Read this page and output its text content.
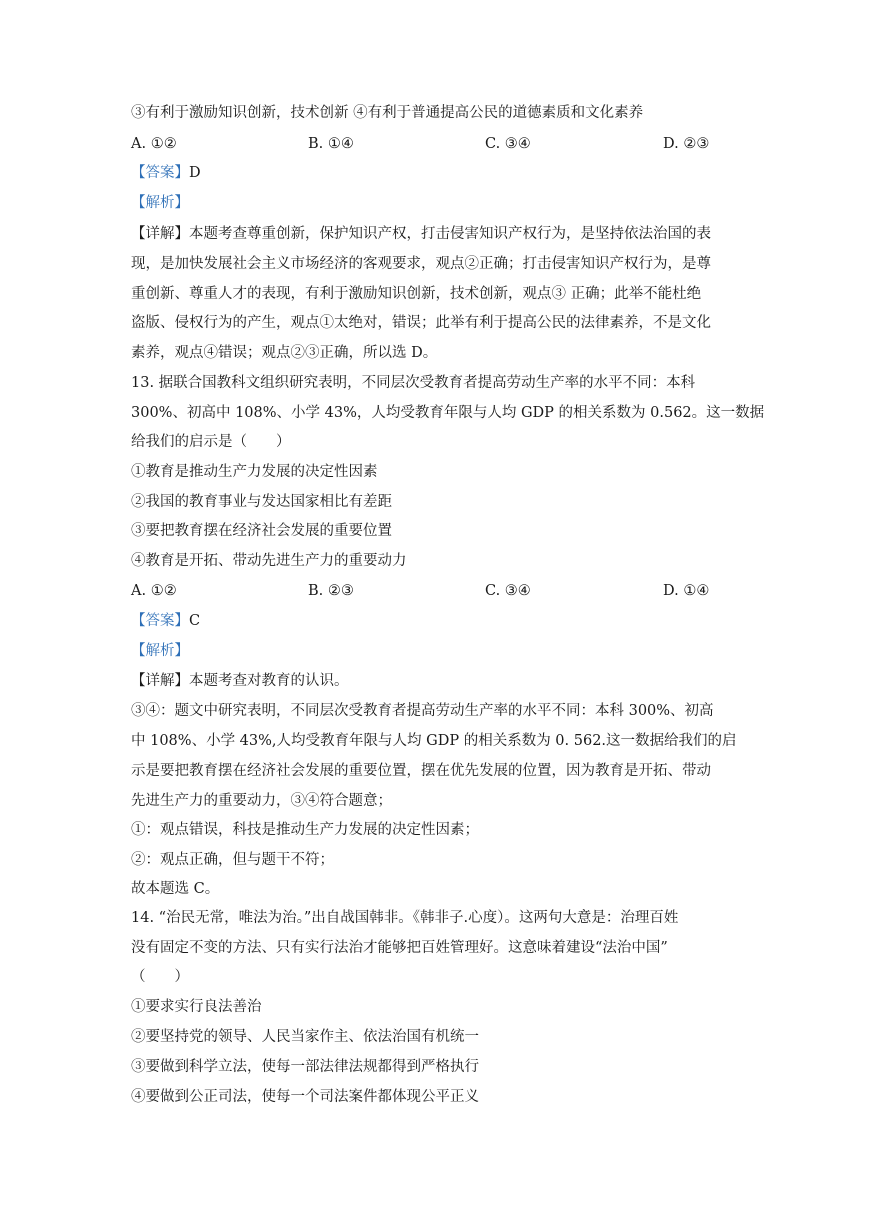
③有利于激励知识创新，技术创新 ④有利于普通提高公民的道德素质和文化素养
A. ①②	B. ①④	C. ③④	D. ②③
【答案】D
【解析】
【详解】本题考查尊重创新，保护知识产权，打击侵害知识产权行为，是坚持依法治国的表
现，是加快发展社会主义市场经济的客观要求，观点②正确；打击侵害知识产权行为，是尊
重创新、尊重人才的表现，有利于激励知识创新，技术创新，观点③ 正确；此举不能杜绝
盗版、侵权行为的产生，观点①太绝对，错误；此举有利于提高公民的法律素养，不是文化
素养，观点④错误；观点②③正确，所以选 D。
13. 据联合国教科文组织研究表明，不同层次受教育者提高劳动生产率的水平不同：本科
300%、初高中 108%、小学 43%，人均受教育年限与人均 GDP 的相关系数为 0.562。这一数据
给我们的启示是（　　）
①教育是推动生产力发展的决定性因素
②我国的教育事业与发达国家相比有差距
③要把教育摆在经济社会发展的重要位置
④教育是开拓、带动先进生产力的重要动力
A. ①②	B. ②③	C. ③④	D. ①④
【答案】C
【解析】
【详解】本题考查对教育的认识。
③④：题文中研究表明，不同层次受教育者提高劳动生产率的水平不同：本科 300%、初高
中 108%、小学 43%,人均受教育年限与人均 GDP 的相关系数为 0. 562.这一数据给我们的启
示是要把教育摆在经济社会发展的重要位置，摆在优先发展的位置，因为教育是开拓、带动
先进生产力的重要动力，③④符合题意；
①：观点错误，科技是推动生产力发展的决定性因素；
②：观点正确，但与题干不符；
故本题选 C。
14. “治民无常，唯法为治。”出自战国韩非。《韩非子.心度）。这两句大意是：治理百姓
没有固定不变的方法、只有实行法治才能够把百姓管理好。这意味着建设“法治中国”
（　　）
①要求实行良法善治
②要坚持党的领导、人民当家作主、依法治国有机统一
③要做到科学立法，使每一部法律法规都得到严格执行
④要做到公正司法，使每一个司法案件都体现公平正义
